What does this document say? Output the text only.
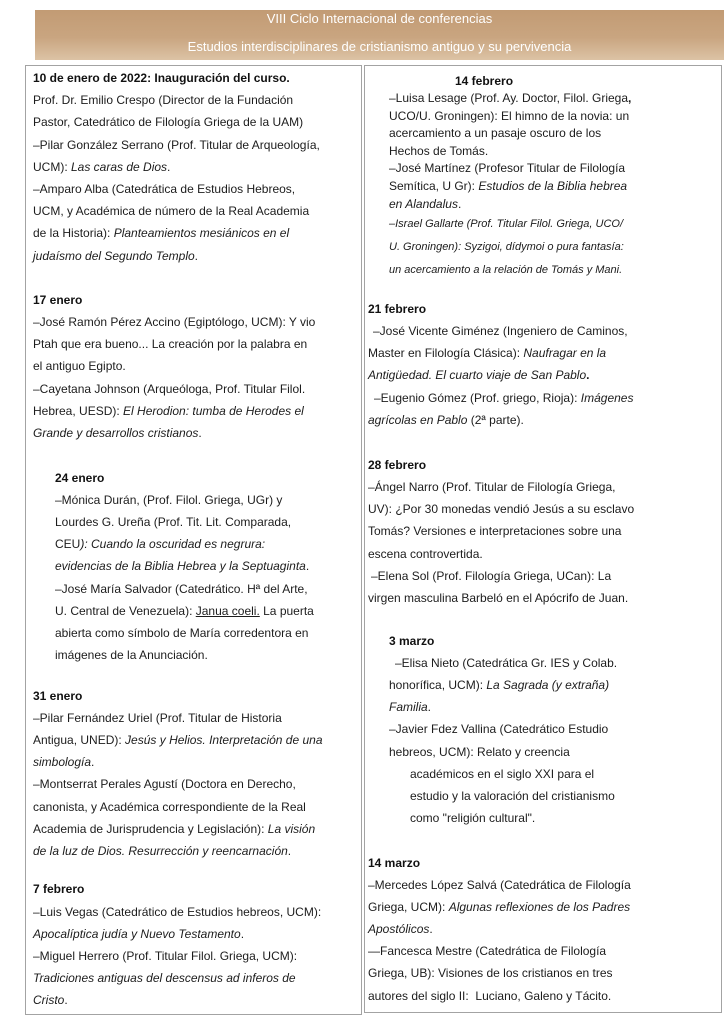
VIII Ciclo Internacional de conferencias
Estudios interdisciplinares de cristianismo antiguo y su pervivencia
10 de enero de 2022: Inauguración del curso.
Prof. Dr. Emilio Crespo (Director de la Fundación
Pastor, Catedrático de Filología Griega de la UAM)
–Pilar González Serrano (Prof. Titular de Arqueología,
UCM): Las caras de Dios.
–Amparo Alba (Catedrática de Estudios Hebreos,
UCM, y Académica de número de la Real Academia
de la Historia): Planteamientos mesiánicos en el
judaísmo del Segundo Templo.
17 enero
–José Ramón Pérez Accino (Egiptólogo, UCM): Y vio
Ptah que era bueno... La creación por la palabra en
el antiguo Egipto.
–Cayetana Johnson (Arqueóloga, Prof. Titular Filol.
Hebrea, UESD): El Herodion: tumba de Herodes el
Grande y desarrollos cristianos.
24 enero
–Mónica Durán, (Prof. Filol. Griega, UGr) y
Lourdes G. Ureña (Prof. Tit. Lit. Comparada,
CEU): Cuando la oscuridad es negrura:
evidencias de la Biblia Hebrea y la Septuaginta.
–José María Salvador (Catedrático. Hª del Arte,
U. Central de Venezuela): Janua coeli. La puerta
abierta como símbolo de María corredentora en
imágenes de la Anunciación.
31 enero
–Pilar Fernández Uriel (Prof. Titular de Historia
Antigua, UNED): Jesús y Helios. Interpretación de una
simbología.
–Montserrat Perales Agustí (Doctora en Derecho,
canonista, y Académica correspondiente de la Real
Academia de Jurisprudencia y Legislación): La visión
de la luz de Dios. Resurrección y reencarnación.
7 febrero
–Luis Vegas (Catedrático de Estudios hebreos, UCM):
Apocalíptica judía y Nuevo Testamento.
–Miguel Herrero (Prof. Titular Filol. Griega, UCM):
Tradiciones antiguas del descensus ad inferos de
Cristo.
14 febrero
–Luisa Lesage (Prof. Ay. Doctor, Filol. Griega,
UCO/U. Groningen): El himno de la novia: un
acercamiento a un pasaje oscuro de los
Hechos de Tomás.
–José Martínez (Profesor Titular de Filología
Semítica, U Gr): Estudios de la Biblia hebrea
en Alandalus.
–Israel Gallarte (Prof. Titular Filol. Griega, UCO/
U. Groningen): Syzigoi, dídymoi o pura fantasía:
un acercamiento a la relación de Tomás y Mani.
21 febrero
–José Vicente Giménez (Ingeniero de Caminos,
Master en Filología Clásica): Naufragar en la
Antigüedad. El cuarto viaje de San Pablo.
–Eugenio Gómez (Prof. griego, Rioja): Imágenes
agrícolas en Pablo (2ª parte).
28 febrero
–Ángel Narro (Prof. Titular de Filología Griega,
UV): ¿Por 30 monedas vendió Jesús a su esclavo
Tomás? Versiones e interpretaciones sobre una
escena controvertida.
–Elena Sol (Prof. Filología Griega, UCan): La
virgen masculina Barbeló en el Apócrifo de Juan.
3 marzo
–Elisa Nieto (Catedrática Gr. IES y Colab.
honorífica, UCM): La Sagrada (y extraña)
Familia.
–Javier Fdez Vallina (Catedrático Estudio
hebreos, UCM): Relato y creencia
académicos en el siglo XXI para el
estudio y la valoración del cristianismo
como "religión cultural".
14 marzo
–Mercedes López Salvá (Catedrática de Filología
Griega, UCM): Algunas reflexiones de los Padres
Apostólicos.
—Fancesca Mestre (Catedrática de Filología
Griega, UB): Visiones de los cristianos en tres
autores del siglo II:  Luciano, Galeno y Tácito.
